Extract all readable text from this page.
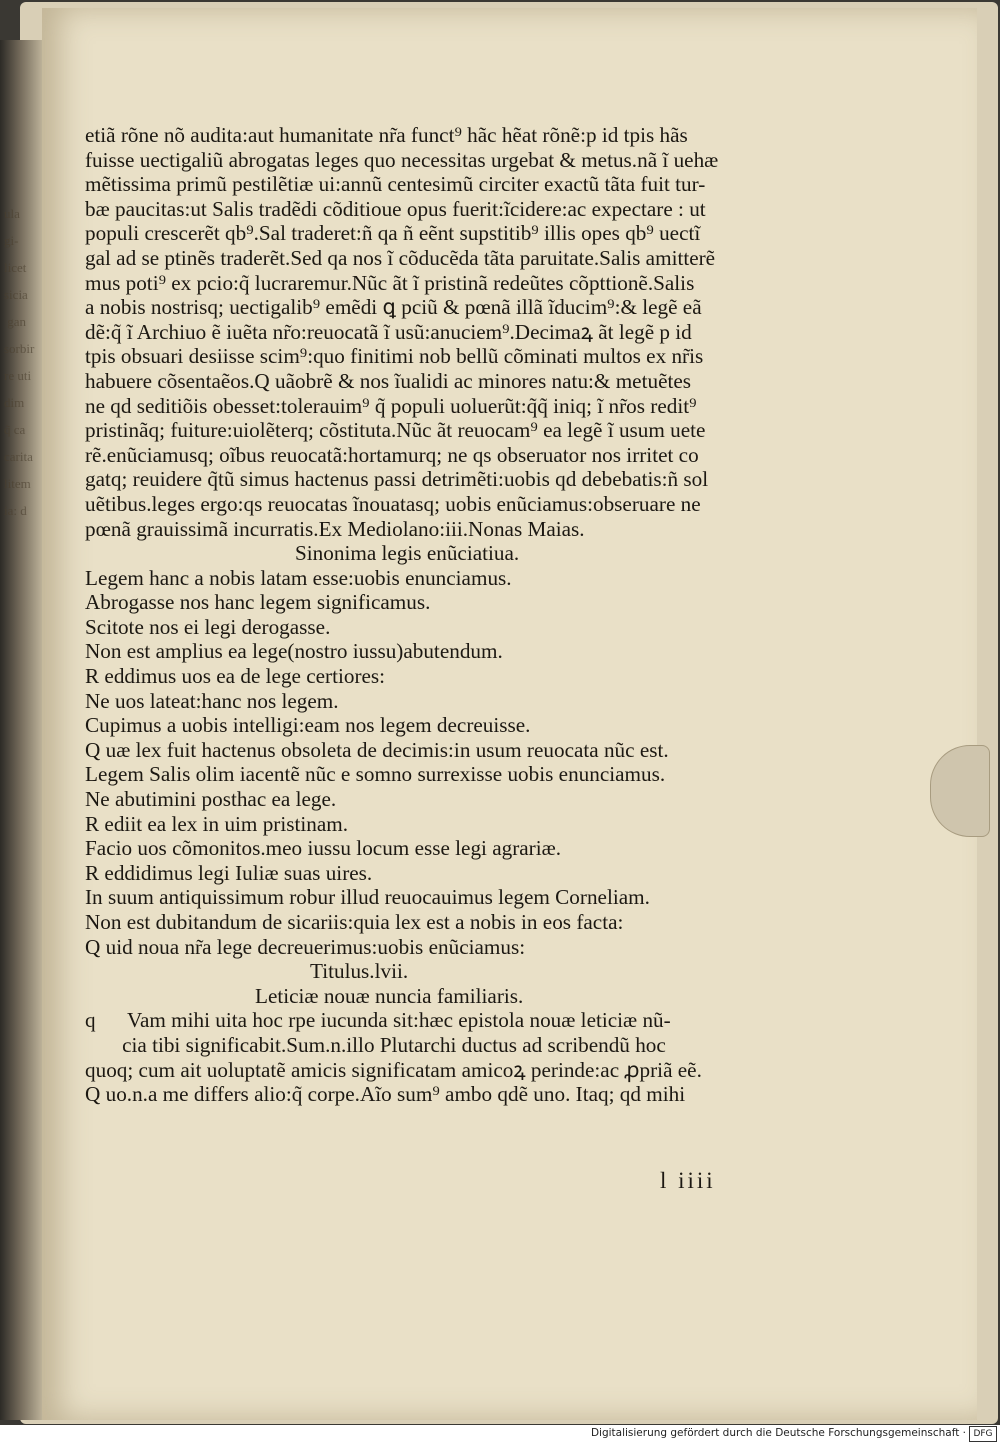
ula
gi-
licet
sicia
gan
sorbir
re uti
dim
q̃ ca
carita
litem
ia: d
etiã rõne nõ audita:aut humanitate nr̃a funct⁹ hãc hẽat rõnẽ:p id tpis hãs
fuisse uectigaliũ abrogatas leges quo necessitas urgebat & metus.nã ĩ uehæ
mẽtissima primũ pestilẽtiæ ui:annũ centesimũ circiter exactũ tãta fuit tur-
bæ paucitas:ut Salis tradẽdi cõditioue opus fuerit:ĩcidere:ac expectare : ut
populi crescerẽt qb⁹.Sal traderet:ñ qa ñ eẽnt supstitib⁹ illis opes qb⁹ uectĩ
gal ad se ptinẽs traderẽt.Sed qa nos ĩ cõducẽda tãta paruitate.Salis amitterẽ
mus poti⁹ ex pcio:q̃ lucraremur.Nũc ãt ĩ pristinã redeũtes cõpttionẽ.Salis
a nobis nostrisq; uectigalib⁹ emẽdi ꝗ pciũ & pœnã illã ĩducim⁹:& legẽ eã
dẽ:q̃ ĩ Archiuo ẽ iuẽta nr̃o:reuocatã ĩ usũ:anuciem⁹.Decimaꝝ ãt legẽ p id
tpis obsuari desiisse scim⁹:quo finitimi nob bellũ cõminati multos ex nr̃is
habuere cõsentaẽos.Q uãobrẽ & nos ĩualidi ac minores natu:& metuẽtes
ne qd seditiõis obesset:tolerauim⁹ q̃ populi uoluerũt:q̃q̃ iniq; ĩ nr̃os redit⁹
pristinãq; fuiture:uiolẽterq; cõstituta.Nũc ãt reuocam⁹ ea legẽ ĩ usum uete
rẽ.enũciamusq; oĩbus reuocatã:hortamurq; ne qs obseruator nos irritet co
gatq; reuidere q̃tũ simus hactenus passi detrimẽti:uobis qd debebatis:ñ sol
uẽtibus.leges ergo:qs reuocatas ĩnouatasq; uobis enũciamus:obseruare ne
pœnã grauissimã incurratis.Ex Mediolano:iii.Nonas Maias.
Sinonima legis enũciatiua.
Legem hanc a nobis latam esse:uobis enunciamus.
Abrogasse nos hanc legem significamus.
Scitote nos ei legi derogasse.
Non est amplius ea lege(nostro iussu)abutendum.
R eddimus uos ea de lege certiores:
Ne uos lateat:hanc nos legem.
Cupimus a uobis intelligi:eam nos legem decreuisse.
Q uæ lex fuit hactenus obsoleta de decimis:in usum reuocata nũc est.
Legem Salis olim iacentẽ nũc e somno surrexisse uobis enunciamus.
Ne abutimini posthac ea lege.
R ediit ea lex in uim pristinam.
Facio uos cõmonitos.meo iussu locum esse legi agrariæ.
R eddidimus legi Iuliæ suas uires.
In suum antiquissimum robur illud reuocauimus legem Corneliam.
Non est dubitandum de sicariis:quia lex est a nobis in eos facta:
Q uid noua nr̃a lege decreuerimus:uobis enũciamus:
Titulus.lvii.
Leticiæ nouæ nuncia familiaris.
q      Vam mihi uita hoc rpe iucunda sit:hæc epistola nouæ leticiæ nũ-
cia tibi significabit.Sum.n.illo Plutarchi ductus ad scribendũ hoc
quoq; cum ait uoluptatẽ amicis significatam amicoꝝ perinde:ac ꝓpriã eẽ.
Q uo.n.a me differs alio:q̃ corpe.Aĩo sum⁹ ambo qdẽ uno. Itaq; qd mihi
l iiii
Digitalisierung gefördert durch die Deutsche Forschungsgemeinschaft · DFG
